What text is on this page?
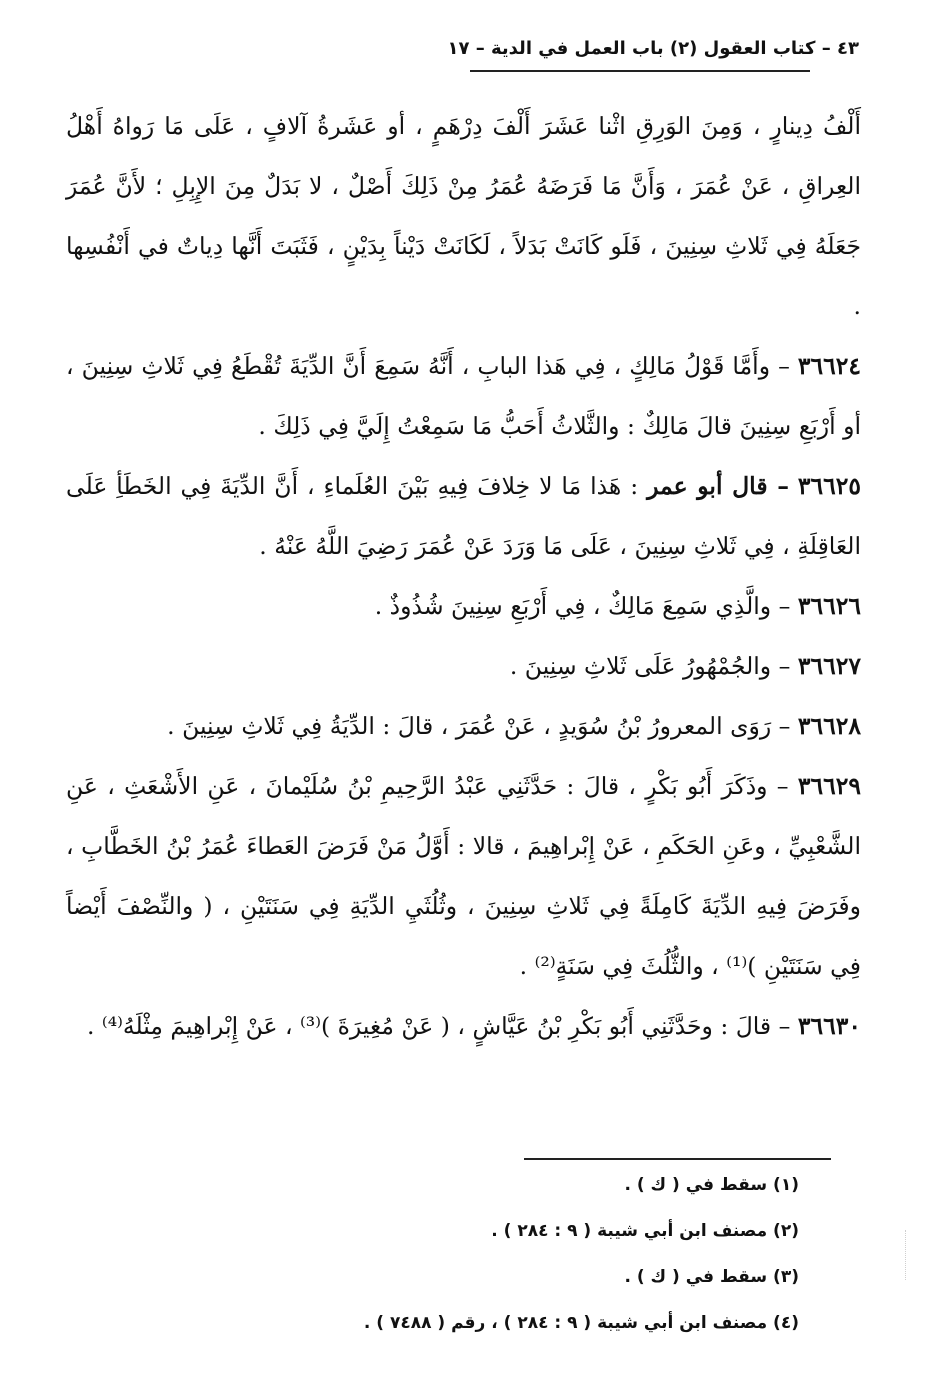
٤٣ – كتاب العقول (٢) باب العمل في الدية – ١٧

أَلْفُ دِينارٍ ، وَمِنَ الوَرِقِ اثْنا عَشَرَ أَلْفَ دِرْهَمٍ ، أو عَشَرةُ آلافٍ ، عَلَى مَا رَواهُ أَهْلُ العِراقِ ، عَنْ عُمَرَ ، وَأَنَّ مَا فَرَضَهُ عُمَرُ مِنْ ذَلِكَ أَصْلٌ ، لا بَدَلٌ مِنَ الإِبِلِ ؛ لأَنَّ عُمَرَ جَعَلَهُ فِي ثَلاثِ سِنِينَ ، فَلَو كَانَتْ بَدَلاً ، لَكَانَتْ دَيْناً بِدَيْنٍ ، فَثَبَتَ أَنَّها دِياتٌ في أَنْفُسِها .

٣٦٦٢٤ – وأَمَّا قَوْلُ مَالِكٍ ، فِي هَذا البابِ ، أَنَّهُ سَمِعَ أَنَّ الدِّيَةَ تُقْطَعُ فِي ثَلاثِ سِنِينَ ، أو أَرْبَعِ سِنِينَ قالَ مَالِكٌ : والثَّلاثُ أَحَبُّ مَا سَمِعْتُ إِلَيَّ فِي ذَلِكَ .

٣٦٦٢٥ – قال أبو عمر : هَذا مَا لا خِلافَ فِيهِ بَيْنَ العُلَماءِ ، أَنَّ الدِّيَةَ فِي الخَطَأِ عَلَى العَاقِلَةِ ، فِي ثَلاثِ سِنِينَ ، عَلَى مَا وَرَدَ عَنْ عُمَرَ رَضِيَ اللَّهُ عَنْهُ .

٣٦٦٢٦ – والَّذِي سَمِعَ مَالِكٌ ، فِي أَرْبَعِ سِنِينَ شُذُوذٌ .

٣٦٦٢٧ – والجُمْهُورُ عَلَى ثَلاثِ سِنِينَ .

٣٦٦٢٨ – رَوَى المعرورُ بْنُ سُوَيدٍ ، عَنْ عُمَرَ ، قالَ : الدِّيَةُ فِي ثَلاثِ سِنِينَ .

٣٦٦٢٩ – وذَكَرَ أَبُو بَكْرٍ ، قالَ : حَدَّثَنِي عَبْدُ الرَّحِيمِ بْنُ سُلَيْمانَ ، عَنِ الأَشْعَثِ ، عَنِ الشَّعْبِيِّ ، وعَنِ الحَكَمِ ، عَنْ إِبْراهِيمَ ، قالا : أَوَّلُ مَنْ فَرَضَ العَطاءَ عُمَرُ بْنُ الخَطَّابِ ، وفَرَضَ فِيهِ الدِّيَةَ كَامِلَةً فِي ثَلاثِ سِنِينَ ، وثُلُثَيِ الدِّيَةِ فِي سَنَتَيْنِ ، ( والنِّصْفَ أَيْضاً فِي سَنَتَيْنِ )⁽¹⁾ ، والثُّلُثَ فِي سَنَةٍ⁽²⁾ .

٣٦٦٣٠ – قالَ : وحَدَّثَنِي أَبُو بَكْرِ بْنُ عَيَّاشٍ ، ( عَنْ مُغِيرَةَ )⁽³⁾ ، عَنْ إِبْراهِيمَ مِثْلَهُ⁽⁴⁾ .

(١) سقط في ( ك ) .
(٢) مصنف ابن أبي شيبة ( ٩ : ٢٨٤ ) .
(٣) سقط في ( ك ) .
(٤) مصنف ابن أبي شيبة ( ٩ : ٢٨٤ ) ، رقم ( ٧٤٨٨ ) .
